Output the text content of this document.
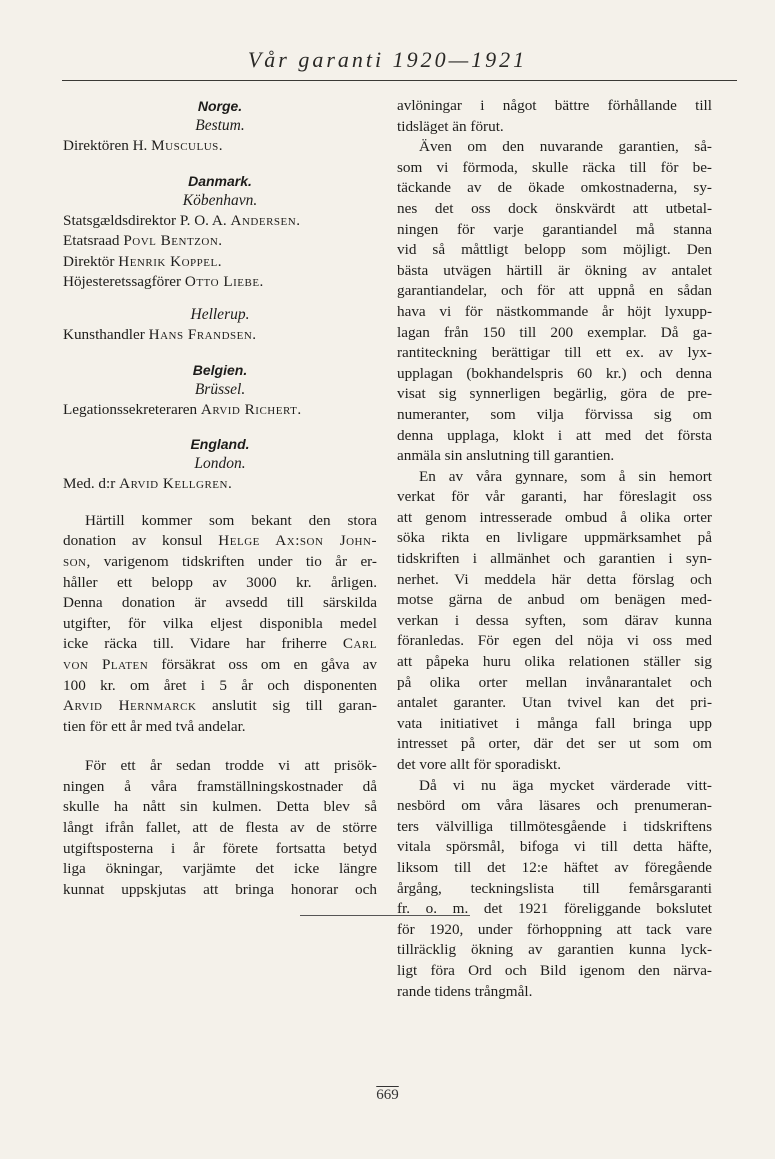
Vår garanti 1920—1921

Norge.

Bestum.

Direktören H. Musculus.

Danmark.

Köbenhavn.

Statsgældsdirektor P. O. A. Andersen.

Etatsraad Povl Bentzon.

Direktör Henrik Koppel.

Höjesteretssagförer Otto Liebe.

Hellerup.

Kunsthandler Hans Frandsen.

Belgien.

Brüssel.

Legationssekreteraren Arvid Richert.

England.

London.

Med. d:r Arvid Kellgren.

Härtill kommer som bekant den stora
donation av konsul Helge Ax:son John-
son, varigenom tidskriften under tio år er-
håller ett belopp av 3000 kr. årligen.
Denna donation är avsedd till särskilda
utgifter, för vilka eljest disponibla medel
icke räcka till. Vidare har friherre Carl
von Platen försäkrat oss om en gåva av
100 kr. om året i 5 år och disponenten
Arvid Hernmarck anslutit sig till garan-
tien för ett år med två andelar.

För ett år sedan trodde vi att prisök-
ningen å våra framställningskostnader då
skulle ha nått sin kulmen. Detta blev så
långt ifrån fallet, att de flesta av de större
utgiftsposterna i år förete fortsatta betyd
liga ökningar, varjämte det icke längre
kunnat uppskjutas att bringa honorar och

avlöningar i något bättre förhållande till
tidsläget än förut.

Även om den nuvarande garantien, så-
som vi förmoda, skulle räcka till för be-
täckande av de ökade omkostnaderna, sy-
nes det oss dock önskvärdt att utbetal-
ningen för varje garantiandel må stanna
vid så måttligt belopp som möjligt. Den
bästa utvägen härtill är ökning av antalet
garantiandelar, och för att uppnå en sådan
hava vi för nästkommande år höjt lyxupp-
lagan från 150 till 200 exemplar. Då ga-
rantiteckning berättigar till ett ex. av lyx-
upplagan (bokhandelspris 60 kr.) och denna
visat sig synnerligen begärlig, göra de pre-
numeranter, som vilja förvissa sig om
denna upplaga, klokt i att med det första
anmäla sin anslutning till garantien.

En av våra gynnare, som å sin hemort
verkat för vår garanti, har föreslagit oss
att genom intresserade ombud å olika orter
söka rikta en livligare uppmärksamhet på
tidskriften i allmänhet och garantien i syn-
nerhet. Vi meddela här detta förslag och
motse gärna de anbud om benägen med-
verkan i dessa syften, som därav kunna
föranledas. För egen del nöja vi oss med
att påpeka huru olika relationen ställer sig
på olika orter mellan invånarantalet och
antalet garanter. Utan tvivel kan det pri-
vata initiativet i många fall bringa upp
intresset på orter, där det ser ut som om
det vore allt för sporadiskt.

Då vi nu äga mycket värderade vitt-
nesbörd om våra läsares och prenumeran-
ters välvilliga tillmötesgående i tidskriftens
vitala spörsmål, bifoga vi till detta häfte,
liksom till det 12:e häftet av föregående
årgång, teckningslista till femårsgaranti
fr. o. m. det 1921 föreliggande bokslutet
för 1920, under förhoppning att tack vare
tillräcklig ökning av garantien kunna lyck-
ligt föra Ord och Bild igenom den närva-
rande tidens trångmål.

669
